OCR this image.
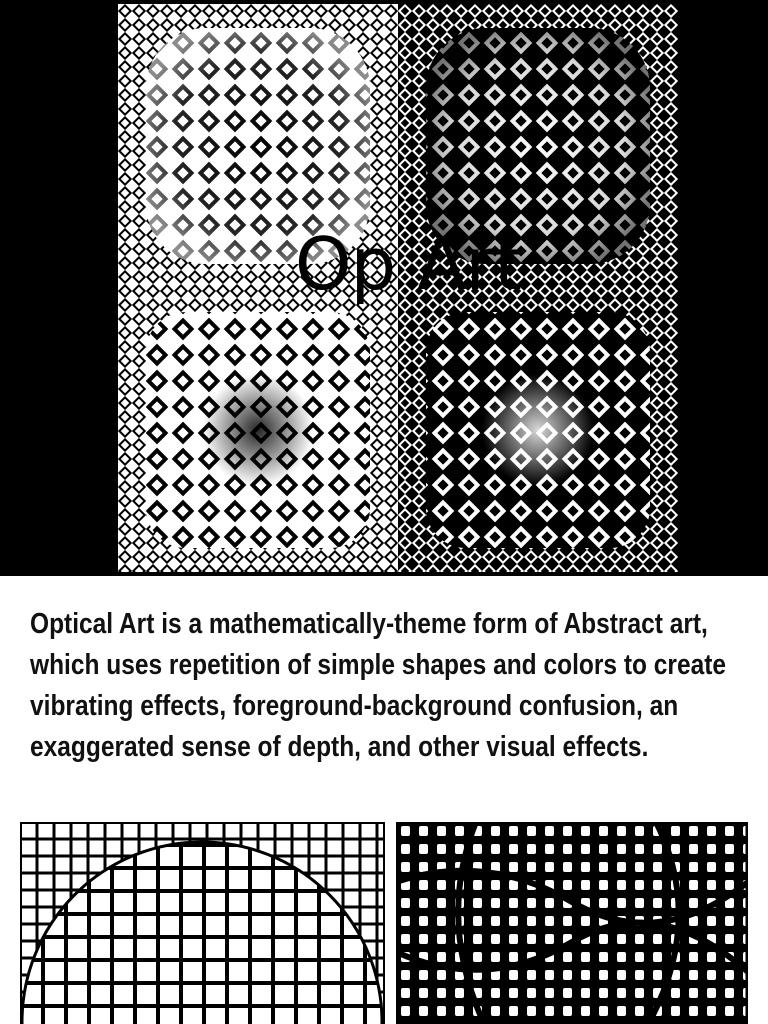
Op Art

Optical Art is a mathematically-theme form of Abstract art, which uses repetition of simple shapes and colors to create vibrating effects, foreground-background confusion, an exaggerated sense of depth, and other visual effects.
